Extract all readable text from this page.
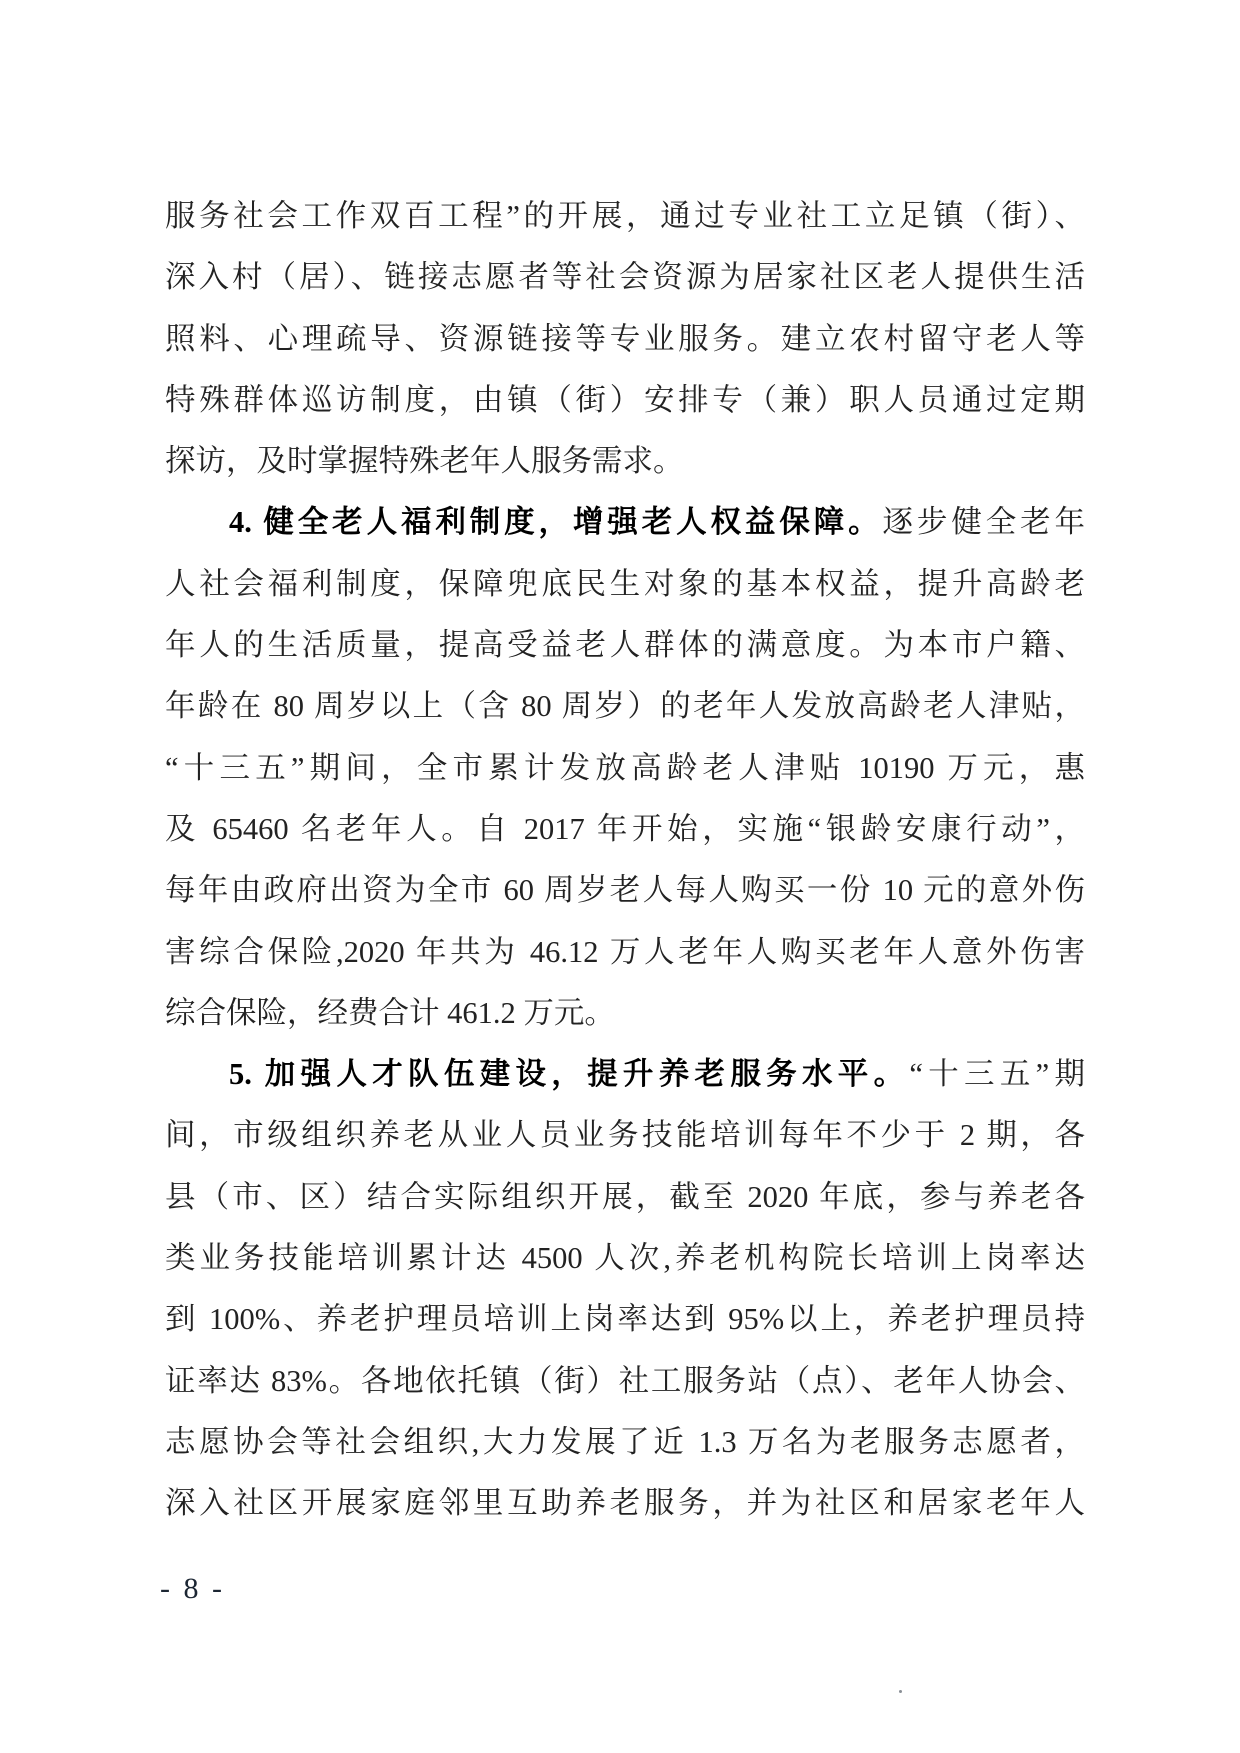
服务社会工作双百工程”的开展，通过专业社工立足镇（街）、
深入村（居）、链接志愿者等社会资源为居家社区老人提供生活
照料、心理疏导、资源链接等专业服务。建立农村留守老人等
特殊群体巡访制度，由镇（街）安排专（兼）职人员通过定期
探访，及时掌握特殊老年人服务需求。
4. 健全老人福利制度，增强老人权益保障。逐步健全老年
人社会福利制度，保障兜底民生对象的基本权益，提升高龄老
年人的生活质量，提高受益老人群体的满意度。为本市户籍、
年龄在 80 周岁以上（含 80 周岁）的老年人发放高龄老人津贴，
“十三五”期间，全市累计发放高龄老人津贴 10190 万元，惠
及 65460 名老年人。自 2017 年开始，实施“银龄安康行动”，
每年由政府出资为全市 60 周岁老人每人购买一份 10 元的意外伤
害综合保险,2020 年共为 46.12 万人老年人购买老年人意外伤害
综合保险，经费合计 461.2 万元。
5. 加强人才队伍建设，提升养老服务水平。“十三五”期
间，市级组织养老从业人员业务技能培训每年不少于 2 期，各
县（市、区）结合实际组织开展，截至 2020 年底，参与养老各
类业务技能培训累计达 4500 人次,养老机构院长培训上岗率达
到 100%、养老护理员培训上岗率达到 95%以上，养老护理员持
证率达 83%。各地依托镇（街）社工服务站（点）、老年人协会、
志愿协会等社会组织,大力发展了近 1.3 万名为老服务志愿者，
深入社区开展家庭邻里互助养老服务，并为社区和居家老年人
- 8 -
